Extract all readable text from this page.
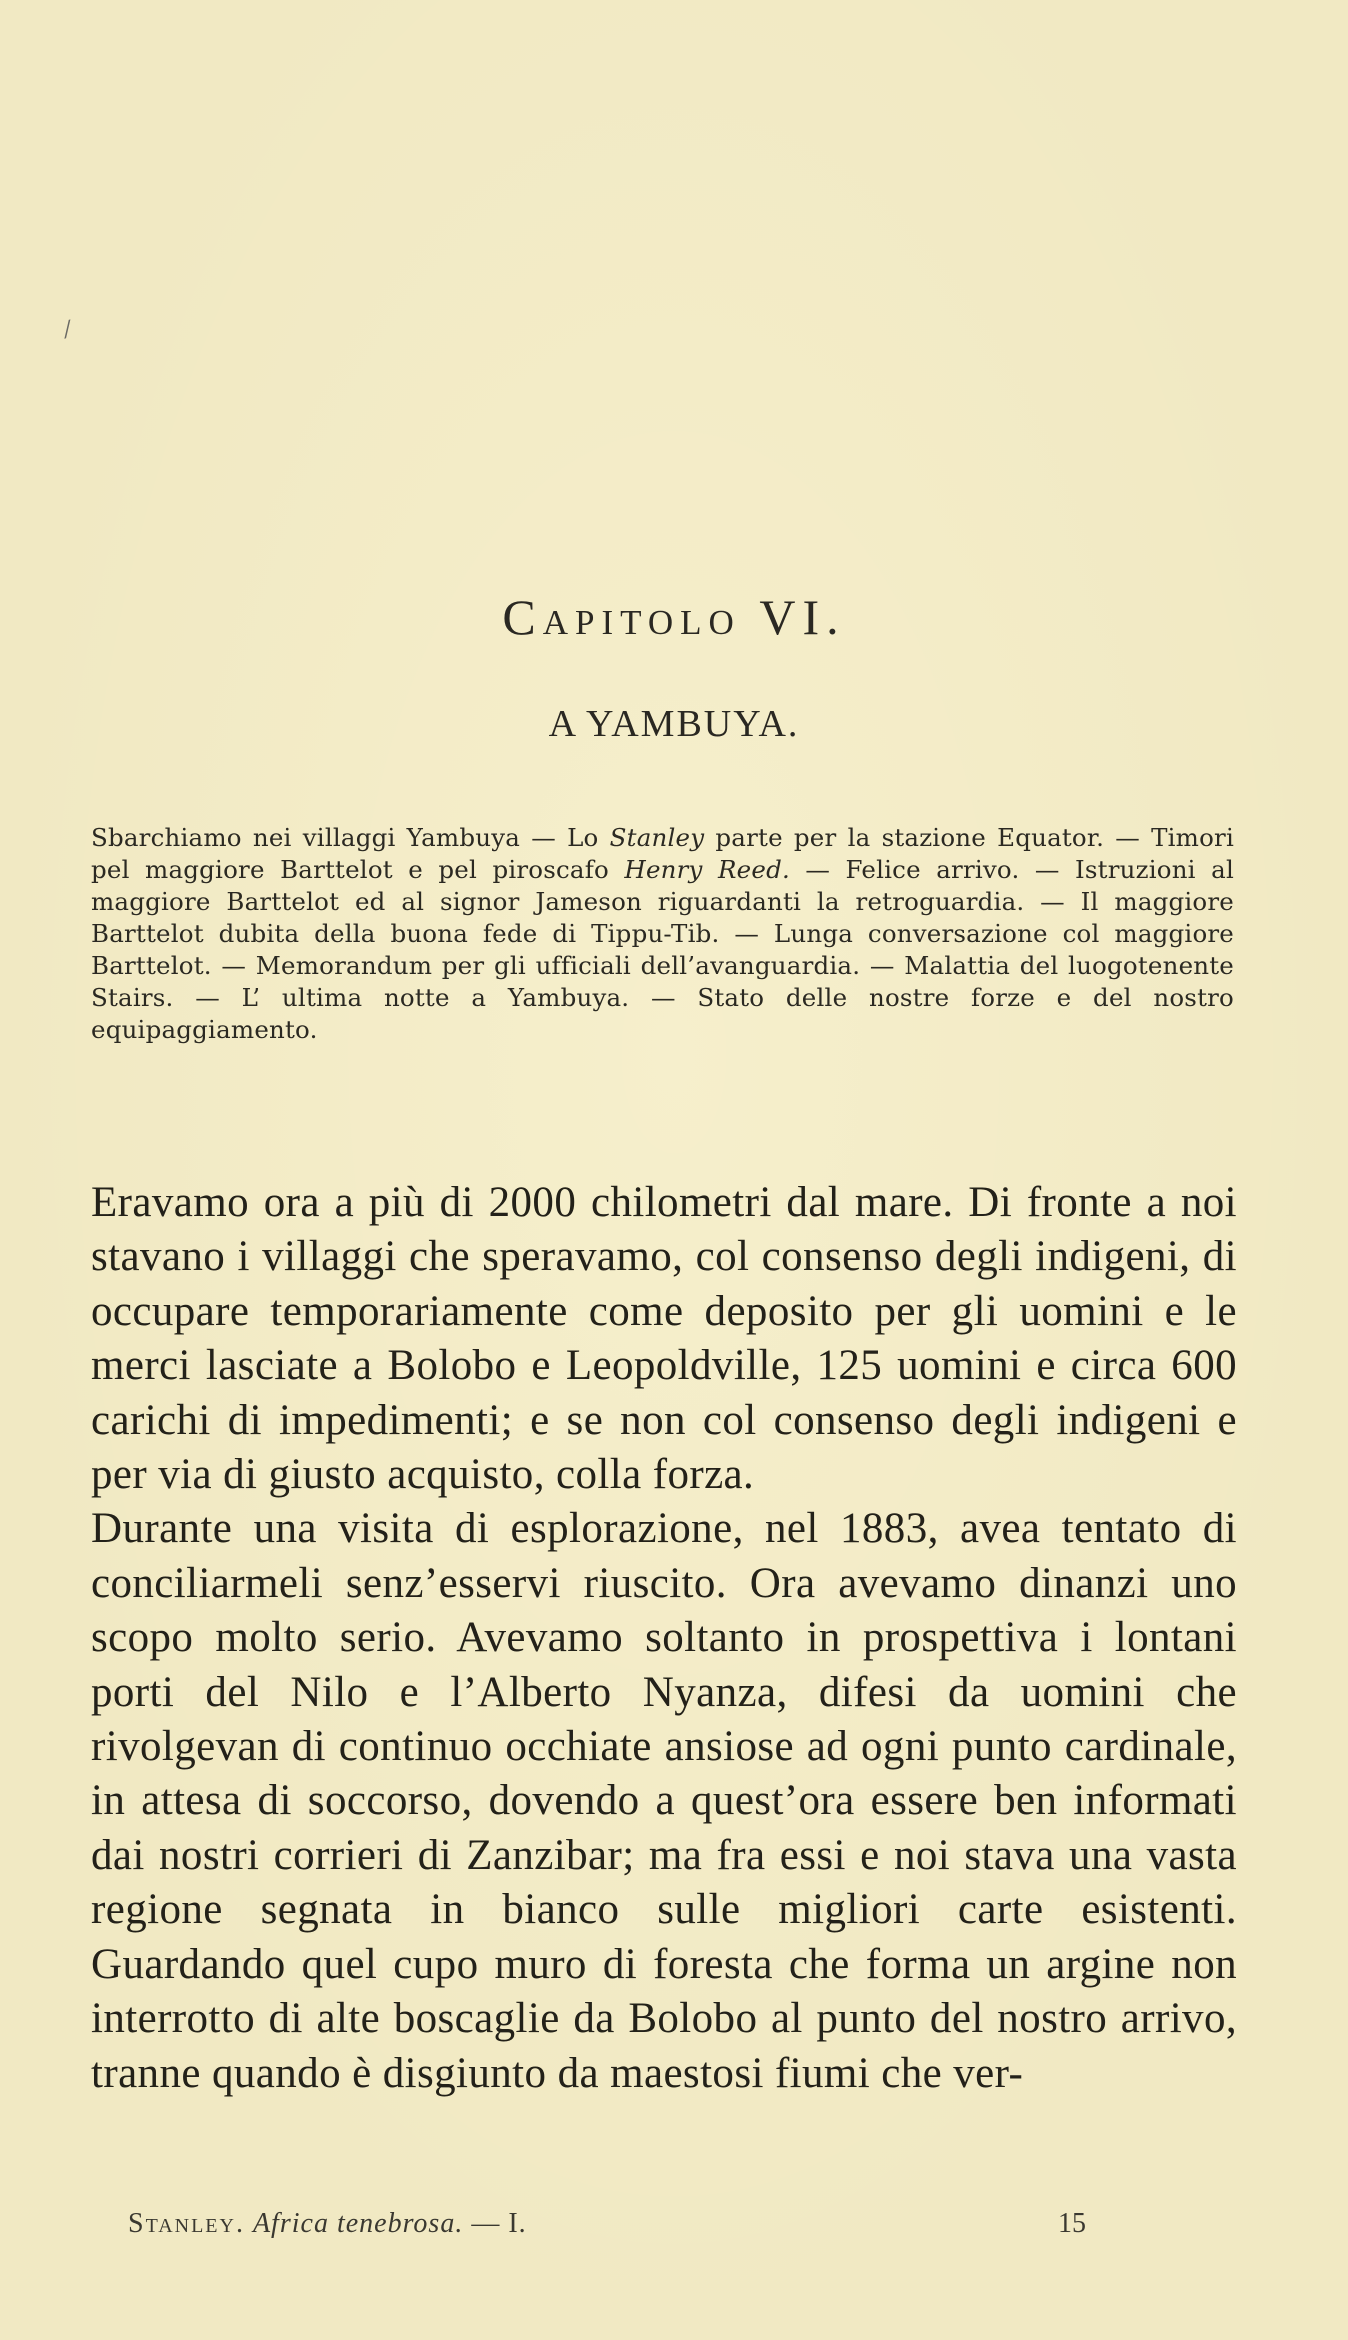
⁄
Capitolo VI.
A YAMBUYA.

Sbarchiamo nei villaggi Yambuya — Lo Stanley parte per la stazione Equator. — Timori pel maggiore Barttelot e pel piroscafo Henry Reed. — Felice arrivo. — Istruzioni al maggiore Barttelot ed al signor Jameson riguardanti la retroguardia. — Il maggiore Barttelot dubita della buona fede di Tippu-Tib. — Lunga conversazione col maggiore Barttelot. — Memorandum per gli ufficiali dell’avanguardia. — Malattia del luogotenente Stairs. — L’ ultima notte a Yambuya. — Stato delle nostre forze e del nostro equipaggiamento.

Eravamo ora a più di 2000 chilometri dal mare. Di fronte a noi stavano i villaggi che speravamo, col consenso degli indigeni, di occupare temporariamente come deposito per gli uomini e le merci lasciate a Bolobo e Leopoldville, 125 uomini e circa 600 carichi di impedimenti; e se non col consenso degli indigeni e per via di giusto acquisto, colla forza.

Durante una visita di esplorazione, nel 1883, avea tentato di conciliarmeli senz’esservi riuscito. Ora avevamo dinanzi uno scopo molto serio. Avevamo soltanto in prospettiva i lontani porti del Nilo e l’Alberto Nyanza, difesi da uomini che rivolgevan di continuo occhiate ansiose ad ogni punto cardinale, in attesa di soccorso, dovendo a quest’ora essere ben informati dai nostri corrieri di Zanzibar; ma fra essi e noi stava una vasta regione segnata in bianco sulle migliori carte esistenti. Guardando quel cupo muro di foresta che forma un argine non interrotto di alte boscaglie da Bolobo al punto del nostro arrivo, tranne quando è disgiunto da maestosi fiumi che ver-

Stanley. Africa tenebrosa. — I.	15
